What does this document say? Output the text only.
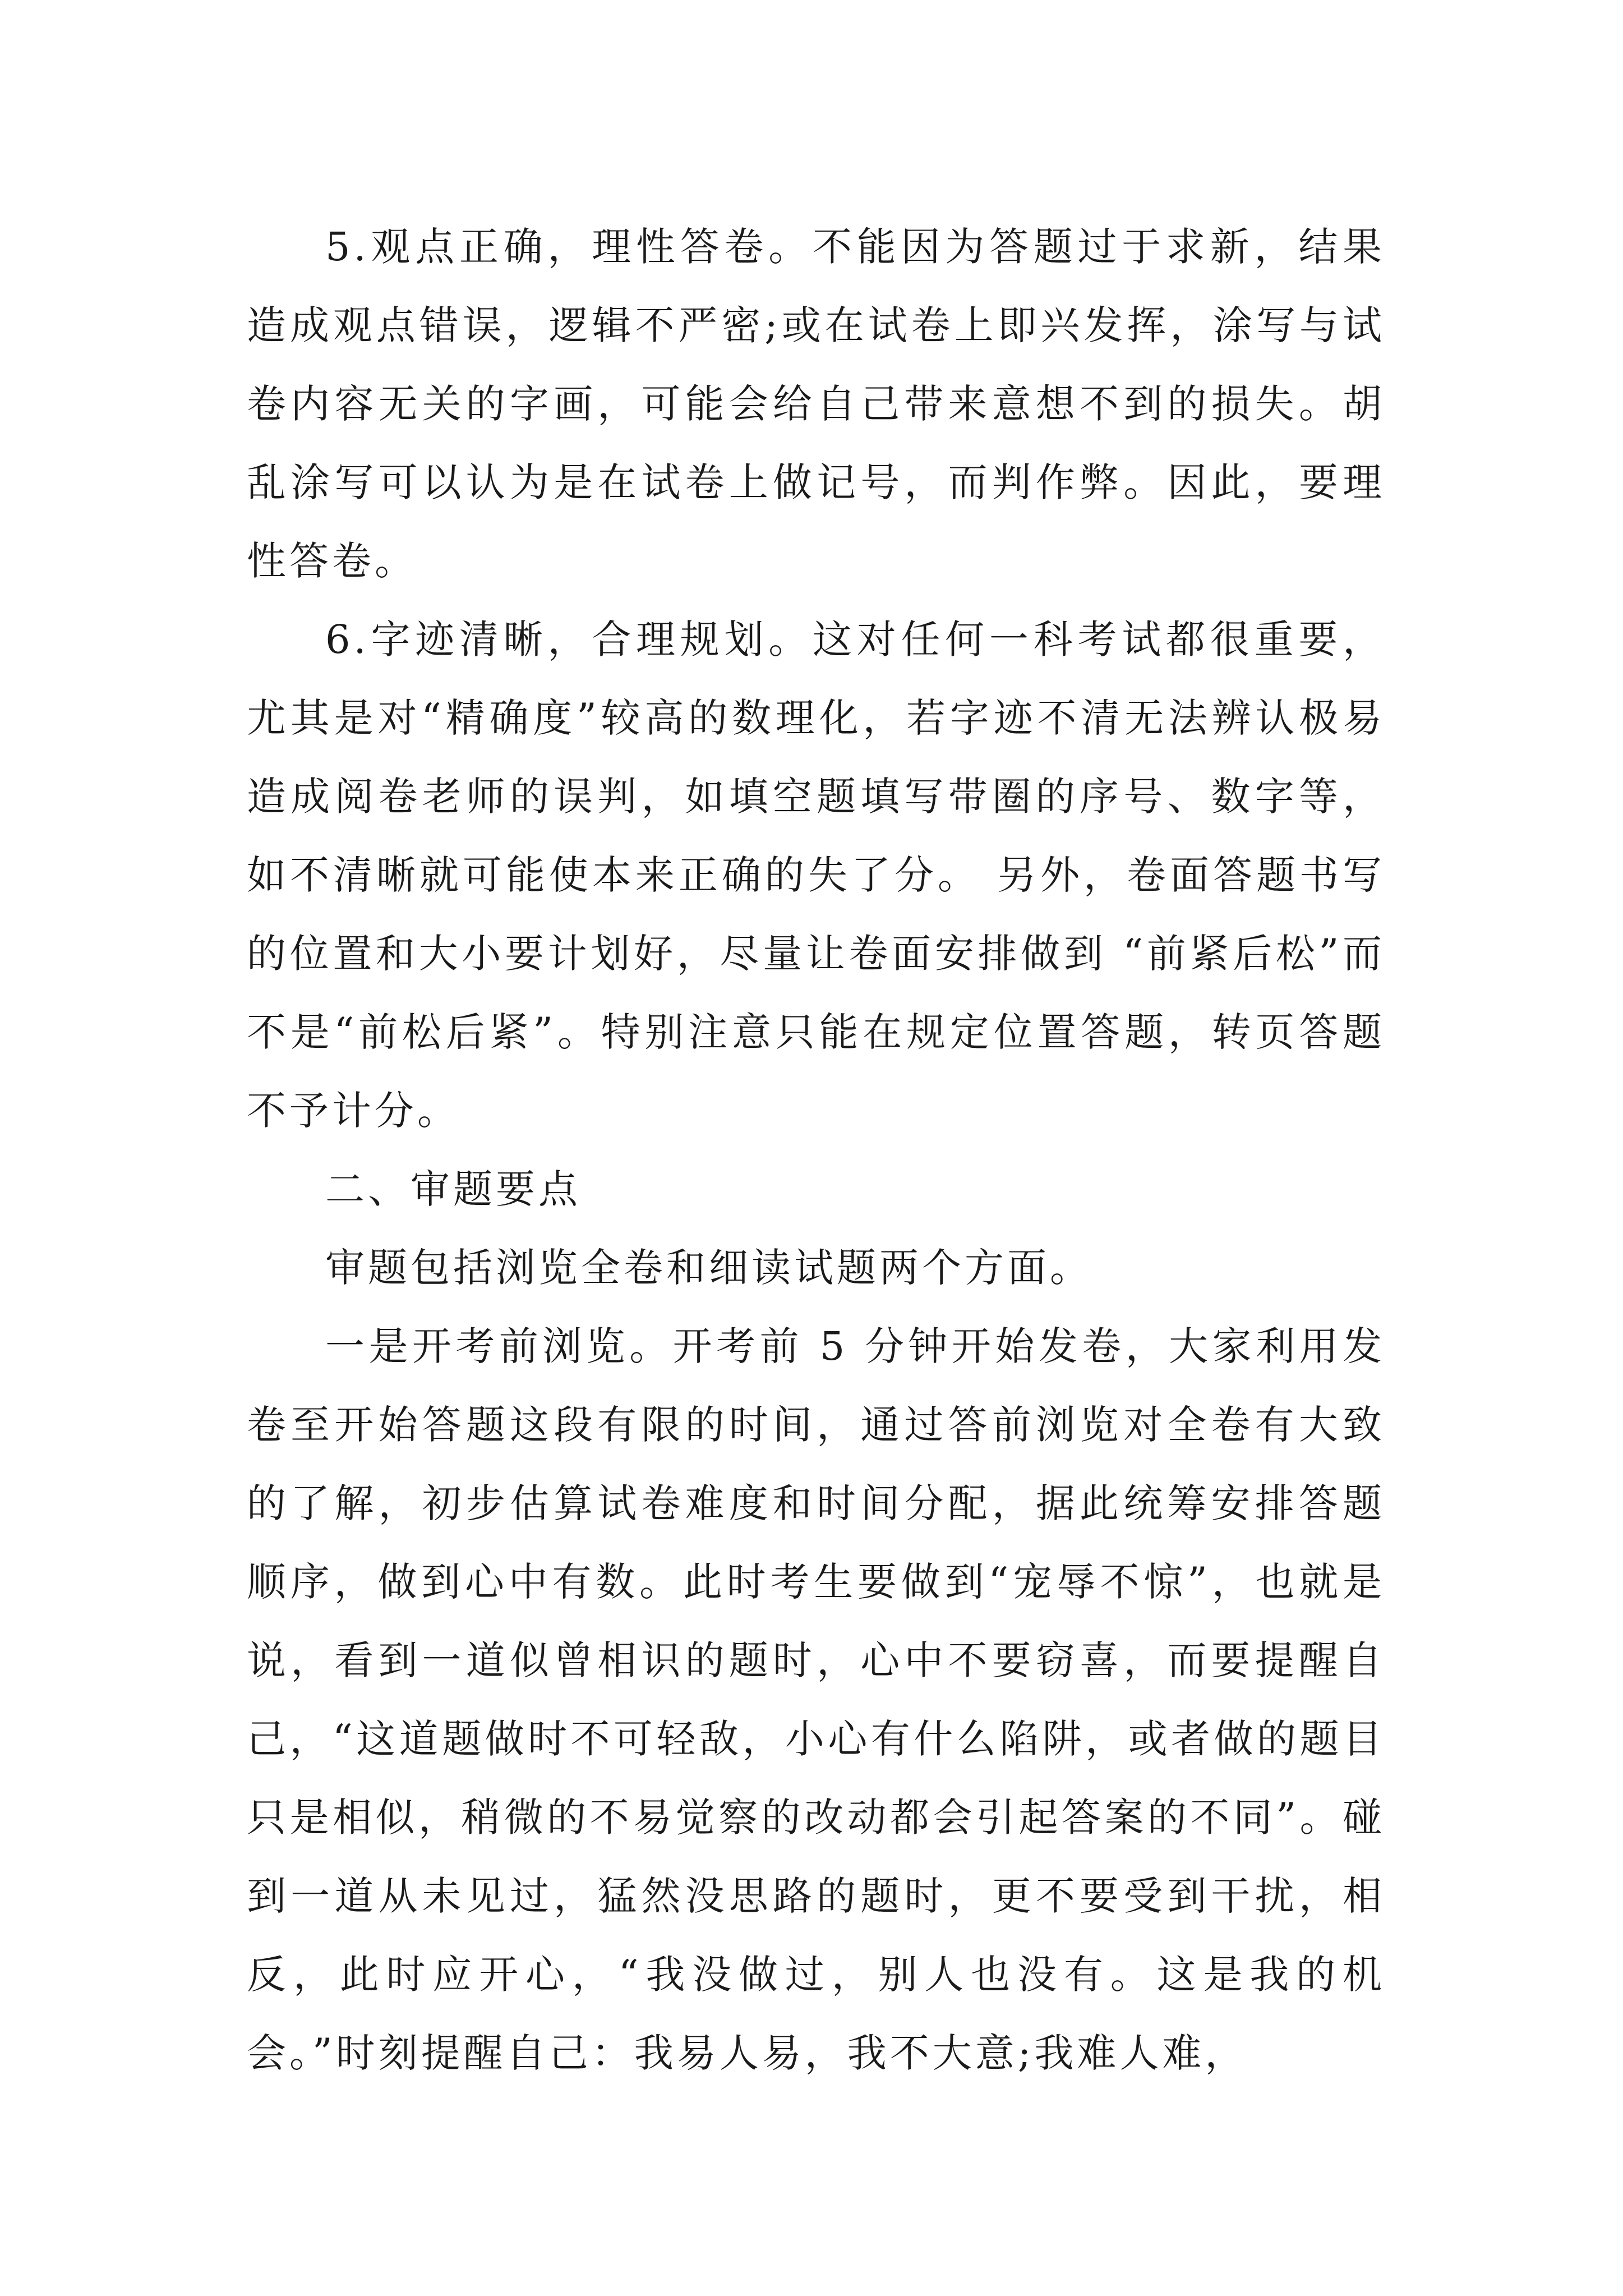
5.观点正确，理性答卷。不能因为答题过于求新，结果造成观点错误，逻辑不严密;或在试卷上即兴发挥，涂写与试卷内容无关的字画，可能会给自己带来意想不到的损失。胡乱涂写可以认为是在试卷上做记号，而判作弊。因此，要理性答卷。

6.字迹清晰，合理规划。这对任何一科考试都很重要，尤其是对“精确度”较高的数理化，若字迹不清无法辨认极易造成阅卷老师的误判，如填空题填写带圈的序号、数字等，如不清晰就可能使本来正确的失了分。 另外，卷面答题书写的位置和大小要计划好，尽量让卷面安排做到 “前紧后松”而不是“前松后紧”。特别注意只能在规定位置答题，转页答题不予计分。

二、审题要点

审题包括浏览全卷和细读试题两个方面。

一是开考前浏览。开考前 5 分钟开始发卷，大家利用发卷至开始答题这段有限的时间，通过答前浏览对全卷有大致的了解，初步估算试卷难度和时间分配，据此统筹安排答题顺序，做到心中有数。此时考生要做到“宠辱不惊”，也就是说，看到一道似曾相识的题时，心中不要窃喜，而要提醒自己，“这道题做时不可轻敌，小心有什么陷阱，或者做的题目只是相似，稍微的不易觉察的改动都会引起答案的不同”。碰到一道从未见过，猛然没思路的题时，更不要受到干扰，相反，此时应开心，“我没做过，别人也没有。这是我的机会。”时刻提醒自己：我易人易，我不大意;我难人难，
